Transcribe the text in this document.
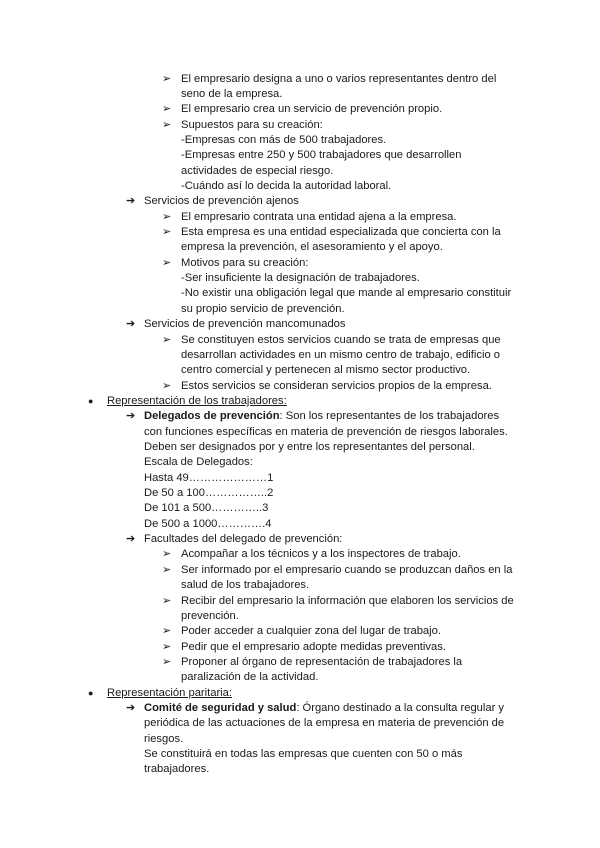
➢ El empresario designa a uno o varios representantes dentro del
seno de la empresa.
➢ El empresario crea un servicio de prevención propio.
➢ Supuestos para su creación:
-Empresas con más de 500 trabajadores.
-Empresas entre 250 y 500 trabajadores que desarrollen
actividades de especial riesgo.
-Cuándo así lo decida la autoridad laboral.
➔ Servicios de prevención ajenos
➢ El empresario contrata una entidad ajena a la empresa.
➢ Esta empresa es una entidad especializada que concierta con la
empresa la prevención, el asesoramiento y el apoyo.
➢ Motivos para su creación:
-Ser insuficiente la designación de trabajadores.
-No existir una obligación legal que mande al empresario constituir
su propio servicio de prevención.
➔ Servicios de prevención mancomunados
➢ Se constituyen estos servicios cuando se trata de empresas que
desarrollan actividades en un mismo centro de trabajo, edificio o
centro comercial y pertenecen al mismo sector productivo.
➢ Estos servicios se consideran servicios propios de la empresa.
● Representación de los trabajadores:
➔ Delegados de prevención: Son los representantes de los trabajadores
con funciones específicas en materia de prevención de riesgos laborales.
Deben ser designados por y entre los representantes del personal.
Escala de Delegados:
Hasta 49…………………1
De 50 a 100……………..2
De 101 a 500…………..3
De 500 a 1000………….4
➔ Facultades del delegado de prevención:
➢ Acompañar a los técnicos y a los inspectores de trabajo.
➢ Ser informado por el empresario cuando se produzcan daños en la
salud de los trabajadores.
➢ Recibir del empresario la información que elaboren los servicios de
prevención.
➢ Poder acceder a cualquier zona del lugar de trabajo.
➢ Pedir que el empresario adopte medidas preventivas.
➢ Proponer al órgano de representación de trabajadores la
paralización de la actividad.
● Representación paritaria:
➔ Comité de seguridad y salud: Órgano destinado a la consulta regular y
periódica de las actuaciones de la empresa en materia de prevención de
riesgos.
Se constituirá en todas las empresas que cuenten con 50 o más
trabajadores.
